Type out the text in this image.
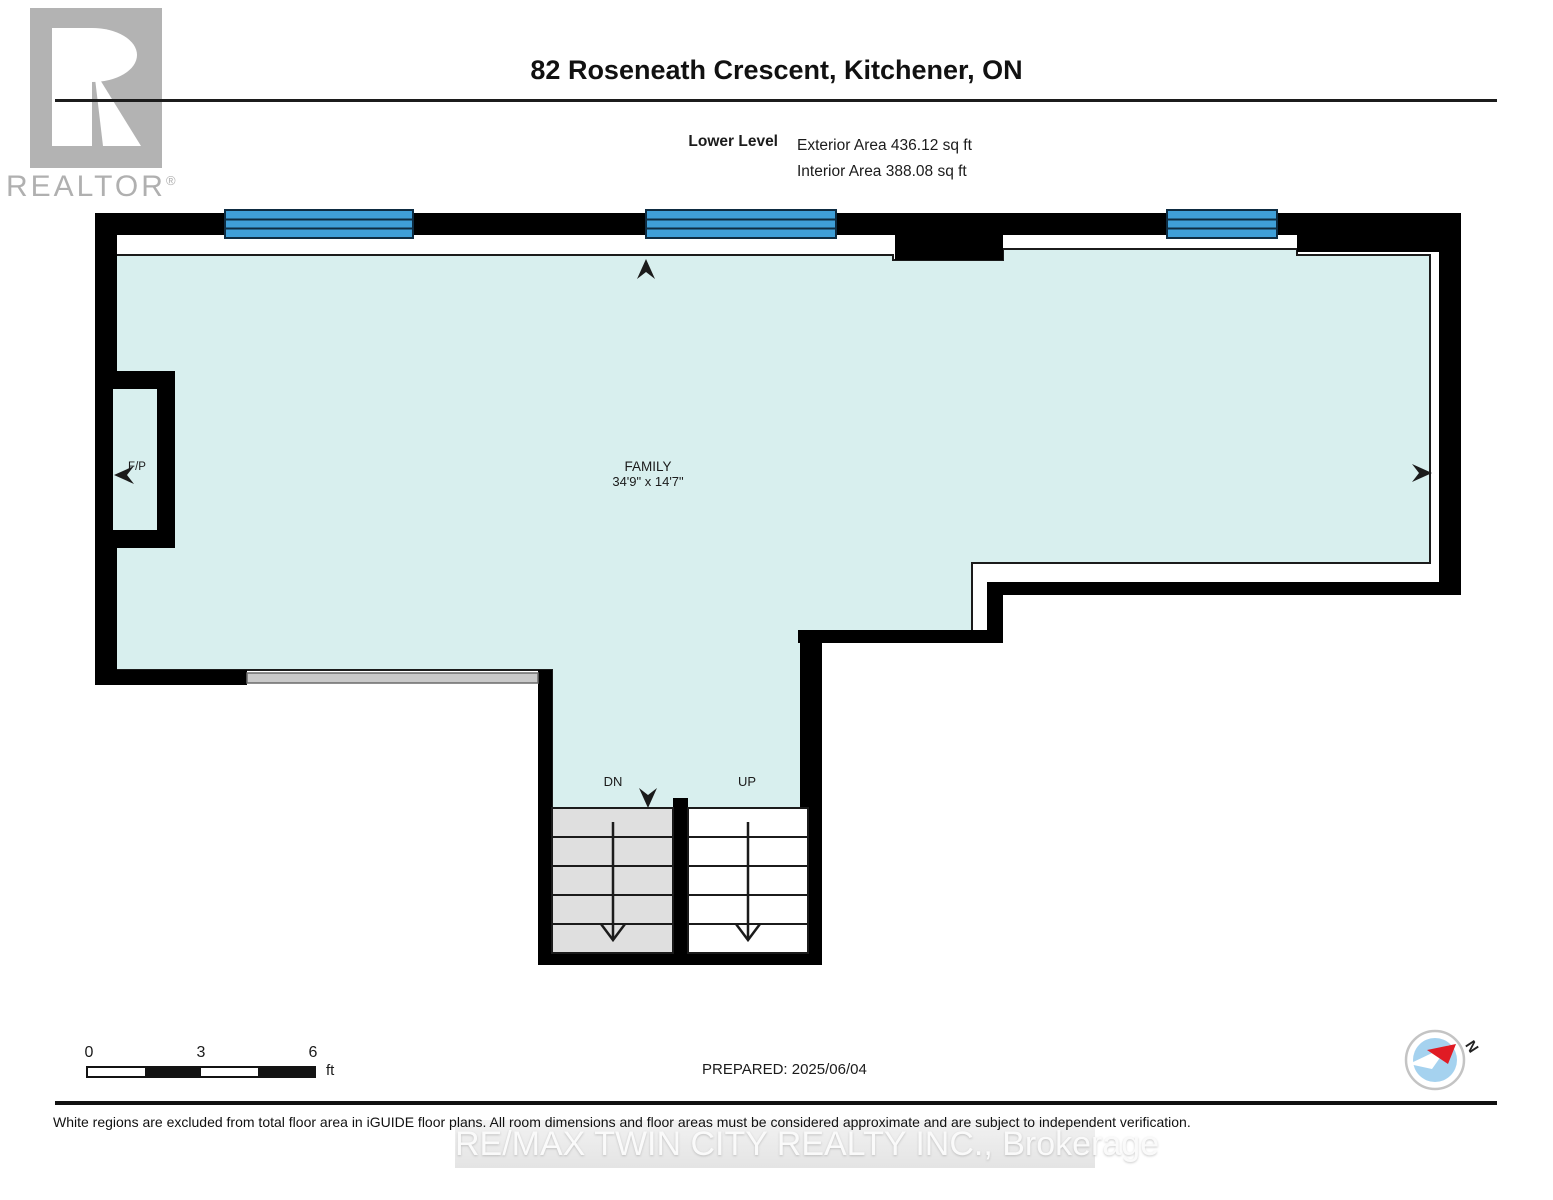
FAMILY
34'9" x 14'7"
F/P
DN	UP
N
82 Roseneath Crescent, Kitchener, ON
Lower Level Exterior Area 436.12 sq ft
Interior Area 388.08 sq ft
REALTOR®
0	3	6
ft	PREPARED: 2025/06/04
RE/MAX TWIN CITY REALTY INC., Brokerage
White regions are excluded from total floor area in iGUIDE floor plans. All room dimensions and floor areas must be considered approximate and are subject to independent verification.
